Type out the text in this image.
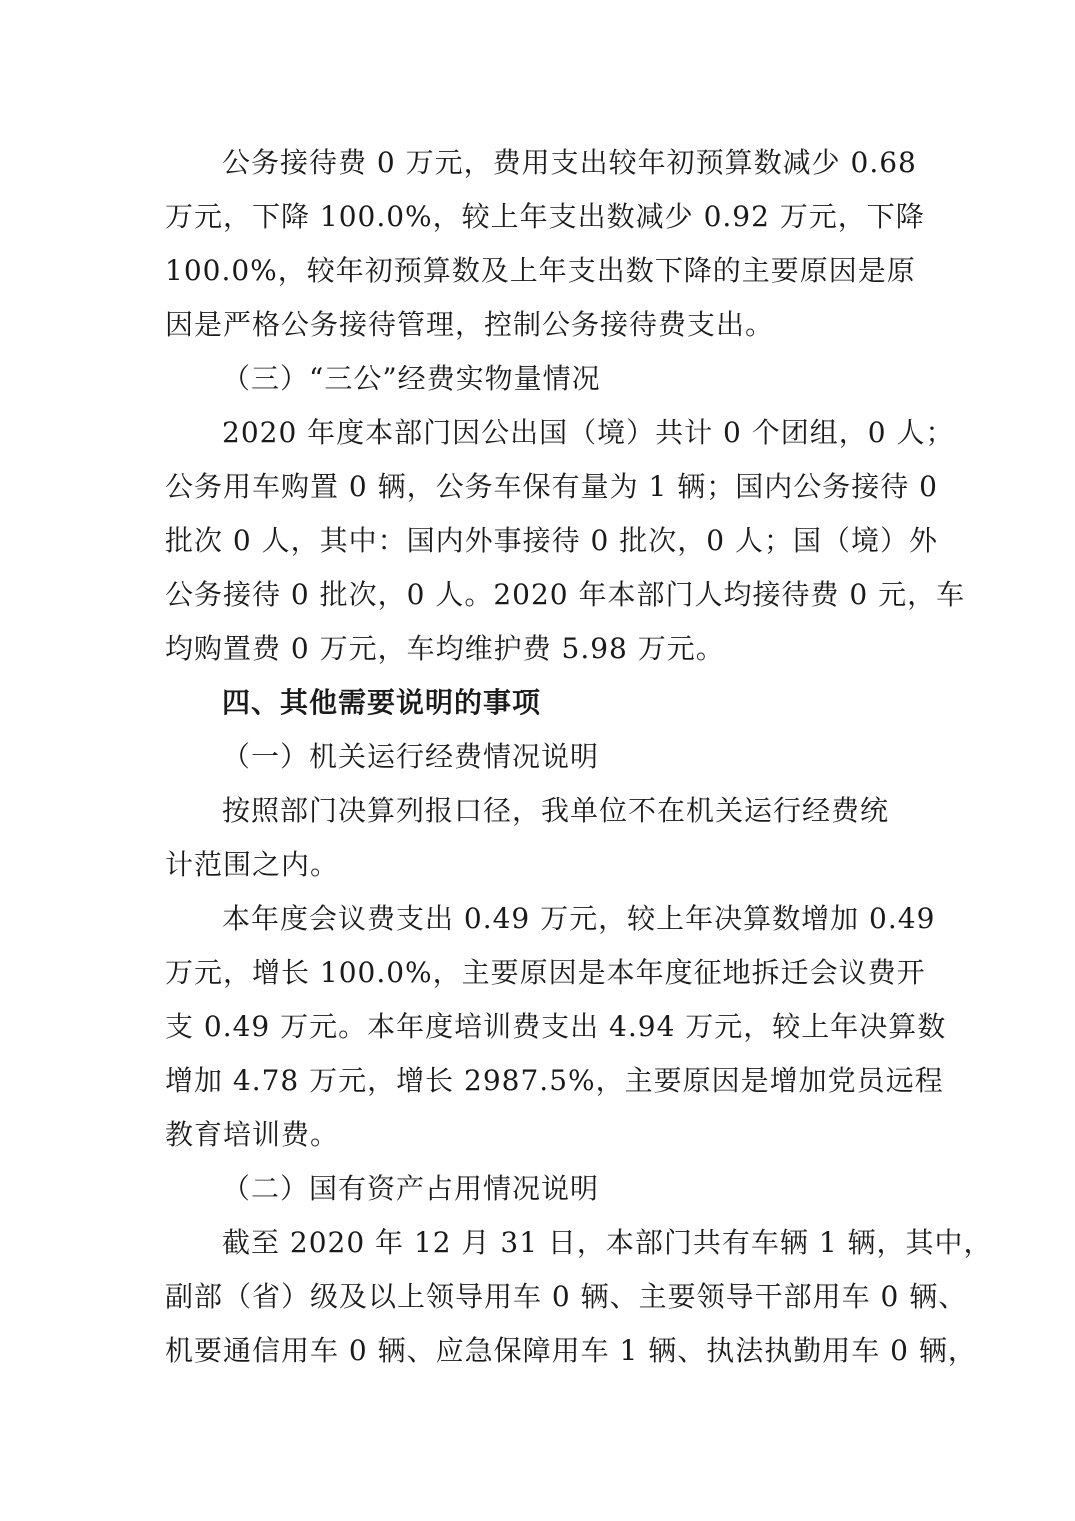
公务接待费 0 万元，费用支出较年初预算数减少 0.68
万元，下降 100.0%，较上年支出数减少 0.92 万元，下降
100.0%，较年初预算数及上年支出数下降的主要原因是原
因是严格公务接待管理，控制公务接待费支出。
（三）“三公”经费实物量情况
2020 年度本部门因公出国（境）共计 0 个团组，0 人；
公务用车购置 0 辆，公务车保有量为 1 辆；国内公务接待 0
批次 0 人，其中：国内外事接待 0 批次，0 人；国（境）外
公务接待 0 批次，0 人。2020 年本部门人均接待费 0 元，车
均购置费 0 万元，车均维护费 5.98 万元。
四、其他需要说明的事项
（一）机关运行经费情况说明
按照部门决算列报口径，我单位不在机关运行经费统
计范围之内。
本年度会议费支出 0.49 万元，较上年决算数增加 0.49
万元，增长 100.0%，主要原因是本年度征地拆迁会议费开
支 0.49 万元。本年度培训费支出 4.94 万元，较上年决算数
增加 4.78 万元，增长 2987.5%，主要原因是增加党员远程
教育培训费。
（二）国有资产占用情况说明
截至 2020 年 12 月 31 日，本部门共有车辆 1 辆，其中，
副部（省）级及以上领导用车 0 辆、主要领导干部用车 0 辆、
机要通信用车 0 辆、应急保障用车 1 辆、执法执勤用车 0 辆，
